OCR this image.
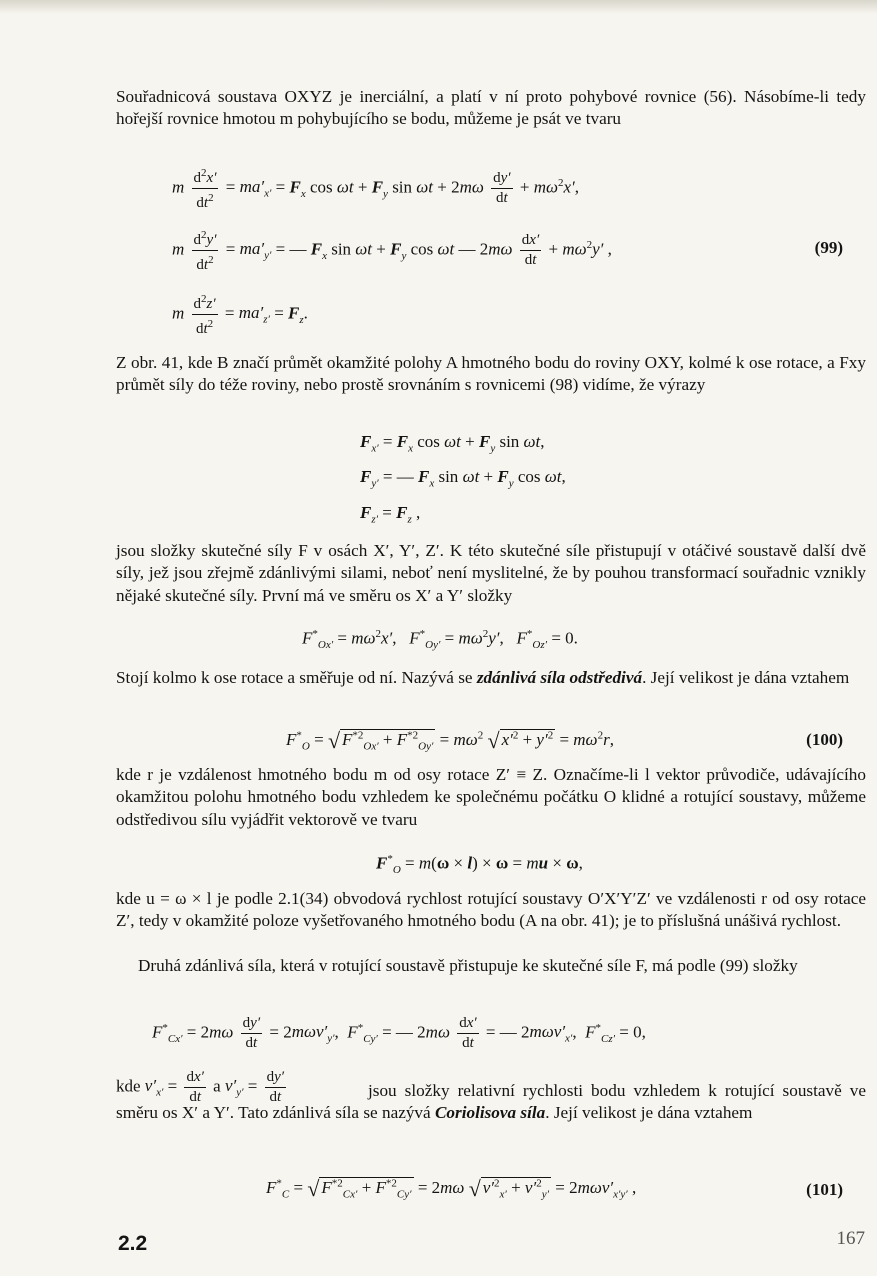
Souřadnicová soustava OXYZ je inerciální, a platí v ní proto pohybové rovnice (56). Násobíme-li tedy hořejší rovnice hmotou m pohybujícího se bodu, můžeme je psát ve tvaru

m $\frac{d^2x'}{dt^2} = ma'_{x'} = F_x$ $\cos \omega t + F_y$ $\sin \omega t + 2m\omega \frac{dy'}{dt} + m\omega^2x'$,
m $\frac{d^2y'}{dt^2} = ma'_{y'}$ = — $F_x$ $\sin \omega t + F_y$ cos ωt — $2m\omega \frac{dx'}{dt} + m\omega^2y'$ ,	(99)
m $\frac{d^2z'}{dt^2} = ma'_{z'} = F_z$.

Z obr. 41, kde B značí průmět okamžité polohy A hmotného bodu do roviny OXY, kolmé k ose rotace, a Fxy průmět síly do téže roviny, nebo prostě srovnáním s rovnicemi (98) vidíme, že výrazy

$F_{x'} = F_x$ $\cos \omega t + F_y$ sin ωt,
$F_{y'}$ = — $F_x$ $\sin \omega t + F_y$ cos ωt,
$F_{z'} = F_z$ ,

jsou složky skutečné síly F v osách X′, Y′, Z′. K této skutečné síle přistupují v otáčivé soustavě další dvě síly, jež jsou zřejmě zdánlivými silami, neboť není myslitelné, že by pouhou transformací souřadnic vznikly nějaké skutečné síly. První má ve směru os X′ a Y′ složky

$F^*_{Ox'} = m\omega^2x'$,   $F^*_{Oy'} = m\omega^2y'$,   $F^*_{Oz'} = 0$.

Stojí kolmo k ose rotace a směřuje od ní. Nazývá se zdánlivá síla odstředivá. Její velikost je dána vztahem

$F^*_O$ = √ $F^{*2}_{Ox'} + F^{*2}_{Oy'} = m\omega^2$ √ $x'^2 + y'^2 = m\omega^2r$,	(100)

kde r je vzdálenost hmotného bodu m od osy rotace Z′ ≡ Z. Označíme-li l vektor průvodiče, udávajícího okamžitou polohu hmotného bodu vzhledem ke společnému počátku O klidné a rotující soustavy, můžeme odstředivou sílu vyjádřit vektorově ve tvaru

$F^*_O = m(\omega \times l) \times \omega$ = mu × ω,

kde u = ω × l je podle 2.1(34) obvodová rychlost rotující soustavy O′X′Y′Z′ ve vzdálenosti r od osy rotace Z′, tedy v okamžité poloze vyšetřovaného hmotného bodu (A na obr. 41); je to příslušná unášivá rychlost.

Druhá zdánlivá síla, která v rotující soustavě přistupuje ke skutečné síle F, má podle (99) složky

$F^*_{Cx'} = 2m\omega \frac{dy'}{dt} = 2m\omega v'_{y'}$,  $F^*_{Cy'}$ = — $2m\omega \frac{dx'}{dt}$ = — $2m\omega v'_{x'}$,  $F^*_{Cz'} = 0$,
kde $v'_{x'} = \frac{dx'}{dt}$ a $v'_{y'} = \frac{dy'}{dt}$	jsou složky relativní rychlosti bodu vzhledem k rotující soustavě ve směru os X′ a Y′. Tato zdánlivá síla se nazývá Coriolisova síla. Její velikost je dána vztahem

$F^*_C$ = √ $F^{*2}_{Cx'} + F^{*2}_{Cy'} = 2m\omega$ √ $v'^2_{x'} + v'^2_{y'} = 2m\omega v'_{x'y'}$ ,	(101)
2.2	167
